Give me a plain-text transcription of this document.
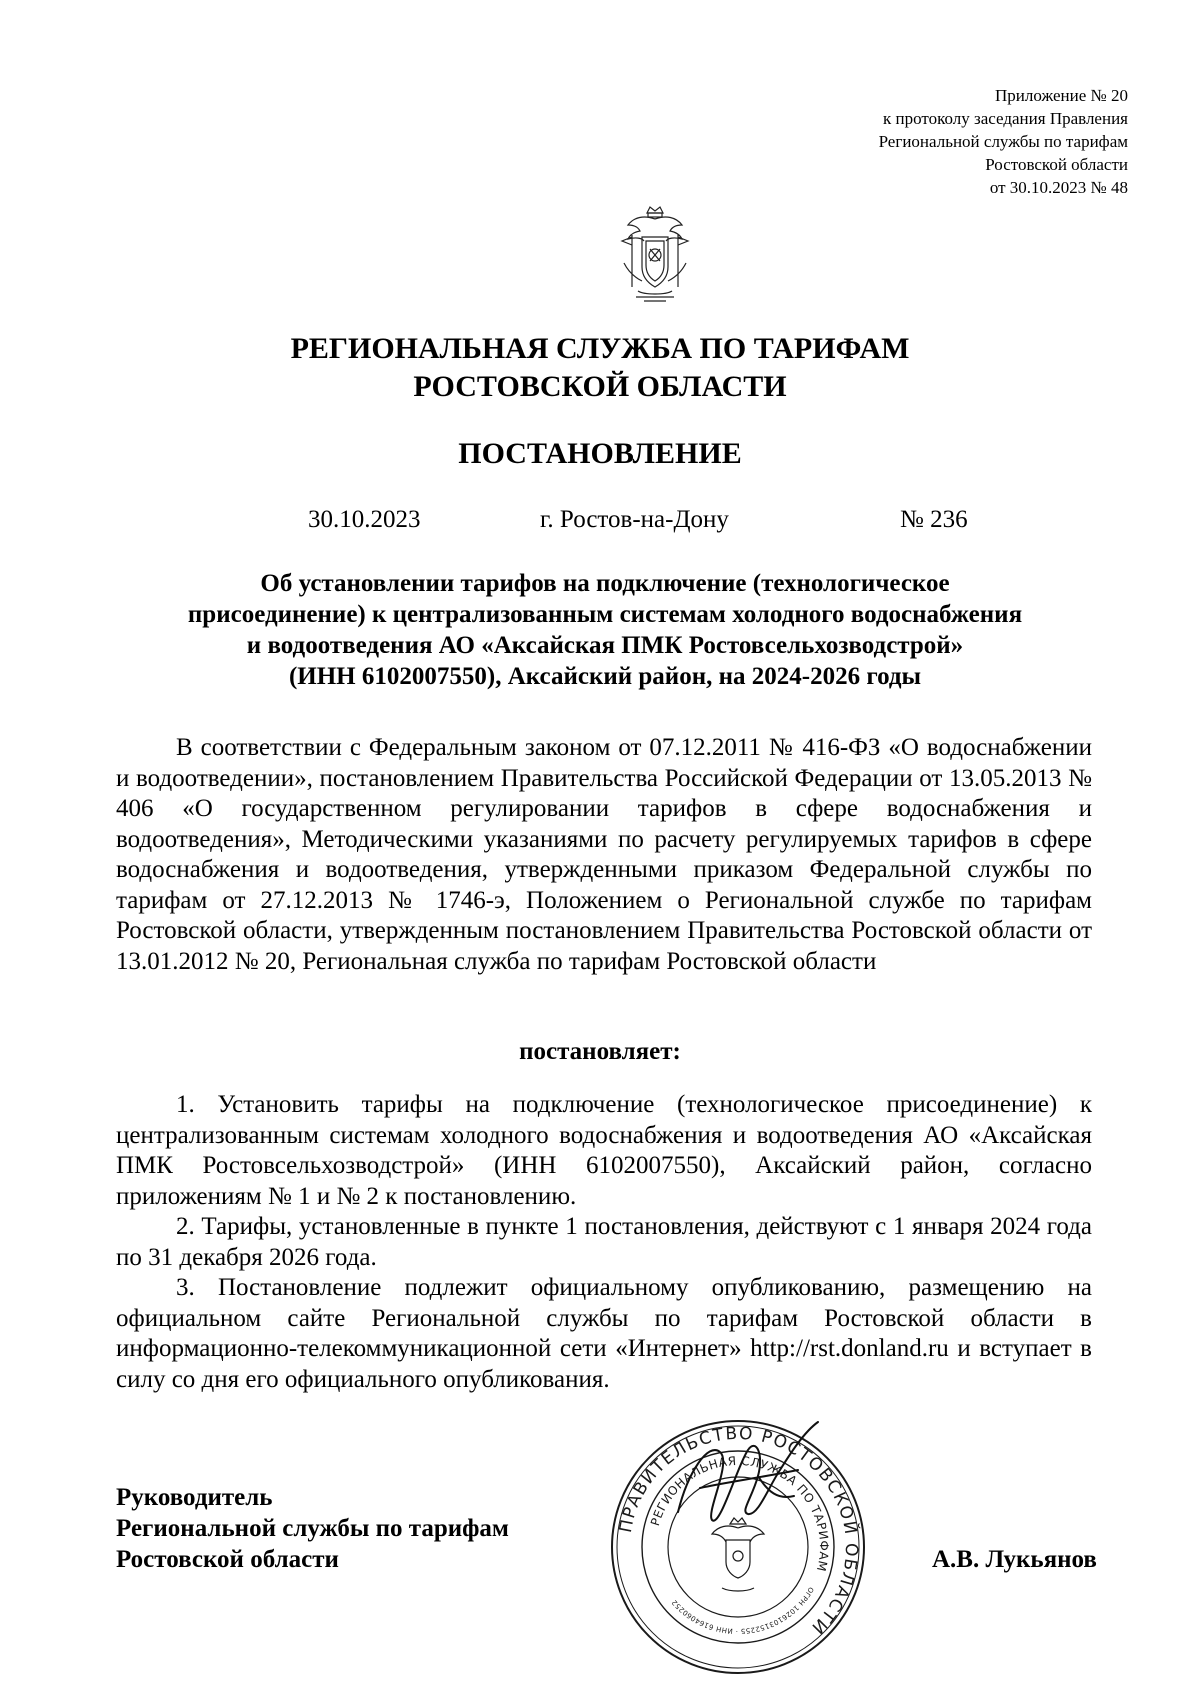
Приложение № 20
к протоколу заседания Правления
Региональной службы по тарифам
Ростовской области
от 30.10.2023 № 48
РЕГИОНАЛЬНАЯ СЛУЖБА ПО ТАРИФАМ
РОСТОВСКОЙ ОБЛАСТИ
ПОСТАНОВЛЕНИЕ
30.10.2023	г. Ростов-на-Дону	№ 236
Об установлении тарифов на подключение (технологическое
присоединение) к централизованным системам холодного водоснабжения
и водоотведения АО «Аксайская ПМК Ростовсельхозводстрой»
(ИНН 6102007550), Аксайский район, на 2024-2026 годы
В соответствии с Федеральным законом от 07.12.2011 № 416-ФЗ «О водоснабжении и водоотведении», постановлением Правительства Российской Федерации от 13.05.2013 № 406 «О государственном регулировании тарифов в сфере водоснабжения и водоотведения», Методическими указаниями по расчету регулируемых тарифов в сфере водоснабжения и водоотведения, утвержденными приказом Федеральной службы по тарифам от 27.12.2013 № 1746-э, Положением о Региональной службе по тарифам Ростовской области, утвержденным постановлением Правительства Ростовской области от 13.01.2012 № 20, Региональная служба по тарифам Ростовской области
постановляет:
1. Установить тарифы на подключение (технологическое присоединение) к централизованным системам холодного водоснабжения и водоотведения АО «Аксайская ПМК Ростовсельхозводстрой» (ИНН 6102007550), Аксайский район, согласно приложениям № 1 и № 2 к постановлению.
2. Тарифы, установленные в пункте 1 постановления, действуют с 1 января 2024 года по 31 декабря 2026 года.
3. Постановление подлежит официальному опубликованию, размещению на официальном сайте Региональной службы по тарифам Ростовской области в информационно-телекоммуникационной сети «Интернет» http://rst.donland.ru и вступает в силу со дня его официального опубликования.
Руководитель
Региональной службы по тарифам
Ростовской области
ПРАВИТЕЛЬСТВО РОСТОВСКОЙ ОБЛАСТИ
РЕГИОНАЛЬНАЯ СЛУЖБА ПО ТАРИФАМ
ОГРН 1026103152255 · ИНН 6164060252
А.В. Лукьянов
